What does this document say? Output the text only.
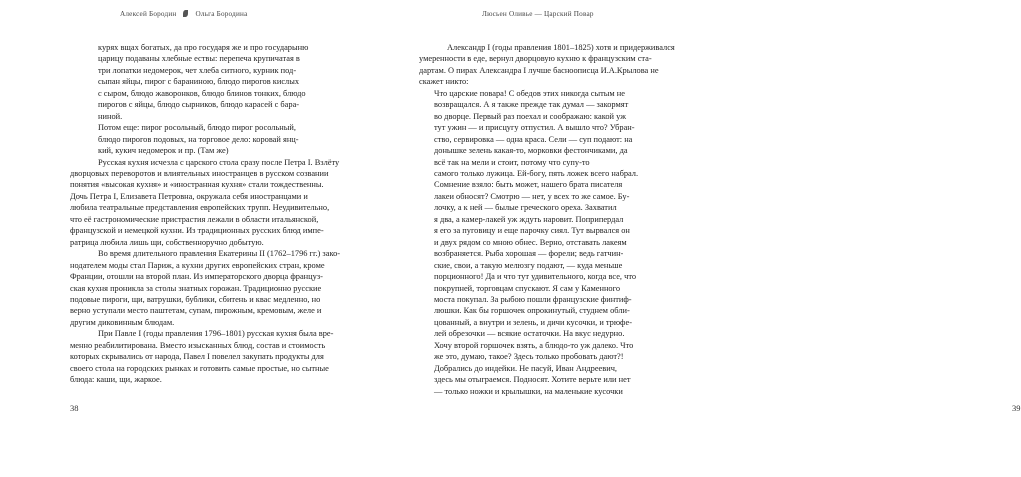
Алексей Бородин	Ольга Бородина
курях вщах богатых, да про государя же и про государыню
царицу подаваны хлебные ествы: перепеча крупичатая в
три лопатки недомерок, чет хлеба ситного, курник под-
сыпан яйцы, пирог с бараниною, блюдо пирогов кислых
с сыром, блюдо жаворонков, блюдо блинов тонких, блюдо
пирогов с яйцы, блюдо сырников, блюдо карасей с бара-
ниной.
Потом еще: пирог росольный, блюдо пирог росольный,
блюдо пирогов подовых, на торговое дело: коровай янц-
кий, кукич недомерок и пр. (Там же)
Русская кухня исчезла с царского стола сразу после Петра I. Взлёту
дворцовых переворотов и влиятельных иностранцев в русском созвании
понятия «высокая кухня» и «иностранная кухня» стали тождественны.
Дочь Петра I, Елизавета Петровна, окружала себя иностранцами и
любила театральные представления европейских трупп. Неудивительно,
что её гастрономические пристрастия лежали в области итальянской,
французской и немецкой кухни. Из традиционных русских блюд импе-
ратрица любила лишь щи, собственноручно добытую.
Во время длительного правления Екатерины II (1762–1796 гг.) зако-
нодателем моды стал Париж, а кухни других европейских стран, кроме
Франции, отошли на второй план. Из императорского дворца француз-
ская кухня проникла за столы знатных горожан. Традиционно русские
подовые пироги, щи, ватрушки, бублики, сбитень и квас медленно, но
верно уступали место паштетам, супам, пирожным, кремовым, желе и
другим диковинным блюдам.
При Павле I (годы правления 1796–1801) русская кухня была вре-
менно реабилитирована. Вместо изысканных блюд, состав и стоимость
которых скрывались от народа, Павел I повелел закупать продукты для
своего стола на городских рынках и готовить самые простые, но сытные
блюда: каши, щи, жаркое.
38
Люсьен Оливье — Царский Повар
Александр I (годы правления 1801–1825) хотя и придерживался
умеренности в еде, вернул дворцовую кухню к французским ста-
дартам. О пирах Александра I лучше басноописца И.А.Крылова не
скажет никто:
Что царские повара! С обедов этих никогда сытым не
возвращался. А я также прежде так думал — закормят
во дворце. Первый раз поехал и соображаю: какой уж
тут ужин — и присцугу отпустил. А вышло что? Убран-
ство, сервировка — одна краса. Сели — суп подают: на
донышке зелень какая-то, морковки фестончиками, да
всё так на мели и стоит, потому что супу-то
самого только лужица. Ей-богу, пять ложек всего набрал.
Сомнение взяло: быть может, нашего брата писателя
лакеи обносят? Смотрю — нет, у всех то же самое. Бу-
лочку, а к ней — былые греческого ореха. Захватил
я два, а камер-лакей уж ждуть наровит. Поприпердал
я его за пуговицу и еще парочку сиял. Тут вырвался он
и двух рядом со мною обнес. Верно, отставать лакеям
возбраняется. Рыба хорошая — форели; ведь гатчин-
ские, свои, а такую мелюзгу подают, — куда меньше
порционного! Да и что тут удивительного, когда все, что
покрупней, торговцам спускают. Я сам у Каменного
моста покупал. За рыбою пошли французские финтиф-
люшки. Как бы горшочек опрокинутый, студнем обли-
цованный, а внутри и зелень, и дичи кусочки, и трюфе-
лей обрезочки — всякие остаточки. На вкус недурно.
Хочу второй горшочек взять, а блюдо-то уж далеко. Что
же это, думаю, такое? Здесь только пробовать дают?!
Добрались до индейки. Не пасуй, Иван Андреевич,
здесь мы отыграемся. Подносят. Хотите верьте или нет
— только ножки и крылышки, на маленькие кусочки
39
